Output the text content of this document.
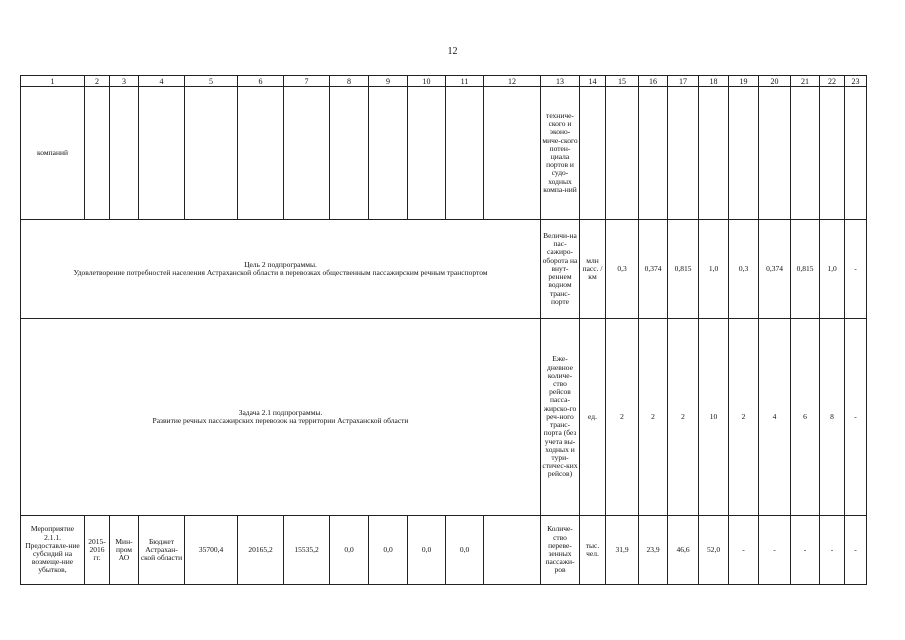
12
1	2	3	4	5	6	7	8	9	10	11	12	13	14	15	16	17	18	19	20	21	22	23
компаний												техниче-ского и эконо-миче-ского потен-циала портов и судо-ходных компа-ний										

Цель 2 подпрограммы.
Удовлетворение потребностей населения Астраханской области в перевозках общественным пассажирским речным транспортом												Величи-на пас-сажиро-оборота на внут-реннем водном транс-порте	млн пасс. / км	0,3	0,374	0,815	1,0	0,3	0,374	0,815	1,0	-

Задача 2.1 подпрограммы.
Развитие речных пассажирских перевозок на территории Астраханской области												Еже-дневное количе-ство рейсов пасса-жирско-го реч-ного транс-порта (без учета вы-ходных и тури-стичес-ких рейсов)	ед.	2	2	2	10	2	4	6	8	-
Мероприятие 2.1.1. Предоставле-ние субсидий на возмеще-ние убытков,	2015-2016 гг.	Мин-пром АО	Бюджет Астрахан-ской области	35700,4	20165,2	15535,2	0,0	0,0	0,0	0,0		Количе-ство перевe-зенных пассажи-ров	тыс. чел.	31,9	23,9	46,6	52,0	-	-	-	-	-
